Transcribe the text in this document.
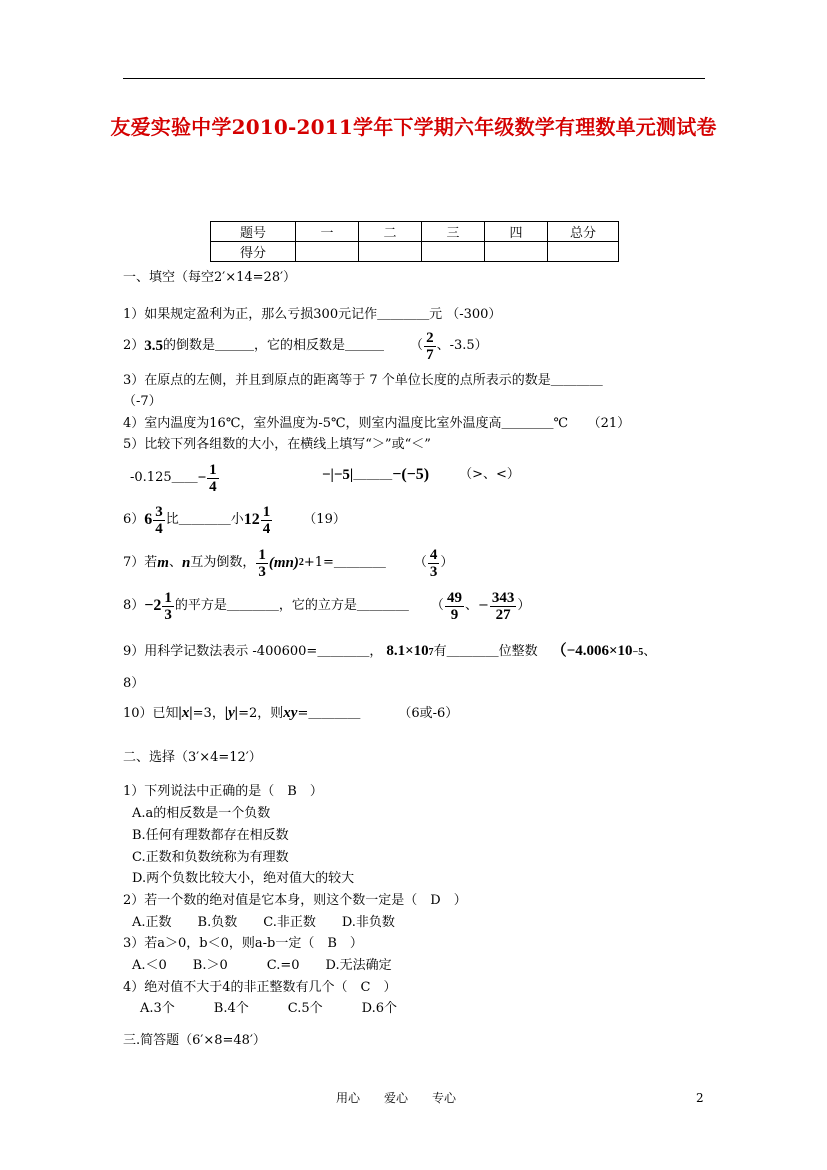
友爱实验中学2010-2011学年下学期六年级数学有理数单元测试卷
题号	一	二	三	四	总分
得分					
一、填空（每空2′×14=28′）
1）如果规定盈利为正，那么亏损300元记作＿＿＿＿元 （-300）
2） 3.5 的倒数是＿＿＿，它的相反数是＿＿＿ （ $\frac{2}{7}$ 、-3.5）
3）在原点的左侧，并且到原点的距离等于 7 个单位长度的点所表示的数是＿＿＿＿
（-7）
4）室内温度为16℃，室外温度为-5℃，则室内温度比室外温度高＿＿＿＿℃　　（21）
5）比较下列各组数的大小，在横线上填写“＞”或“＜”
-0.125＿＿ − $\frac{1}{4}$	−|−5| ＿＿＿ −(−5) （>、<）
6） $6 \frac{3}{4}$ 比＿＿＿＿小 $12 \frac{1}{4} (19)$
7）若 m 、 n 互为倒数， $\frac{1}{3} (mn)$ 2 +1=＿＿＿＿ （ $\frac{4}{3}$ ）
$8) -2 \frac{1}{3}$ 的平方是＿＿＿＿，它的立方是＿＿＿＿ （ $\frac{49}{9}$ 、− $\frac{343}{27}$ ）
9）用科学记数法表示 -400600=＿＿＿＿， 8.1×10 7 有＿＿＿＿位整数 （−4.006×10 −5 、
8）
10）已知 |x| =3， |y| =2，则 xy =＿＿＿＿	（6或-6）
二、选择（3′×4=12′）
1）下列说法中正确的是（　B　）
A.a的相反数是一个负数
B.任何有理数都存在相反数
C.正数和负数统称为有理数
D.两个负数比较大小，绝对值大的较大
2）若一个数的绝对值是它本身，则这个数一定是（　D　）
A.正数　　B.负数　　C.非正数　　D.非负数
3）若a＞0，b＜0，则a-b一定（　B　）
A.＜0　　B.＞0　　　C.=0　　D.无法确定
4）绝对值不大于4的非正整数有几个（　C　）
A.3个　　　B.4个　　　C.5个　　　D.6个
三.简答题（6′×8=48′）
用心　　爱心　　专心	2
